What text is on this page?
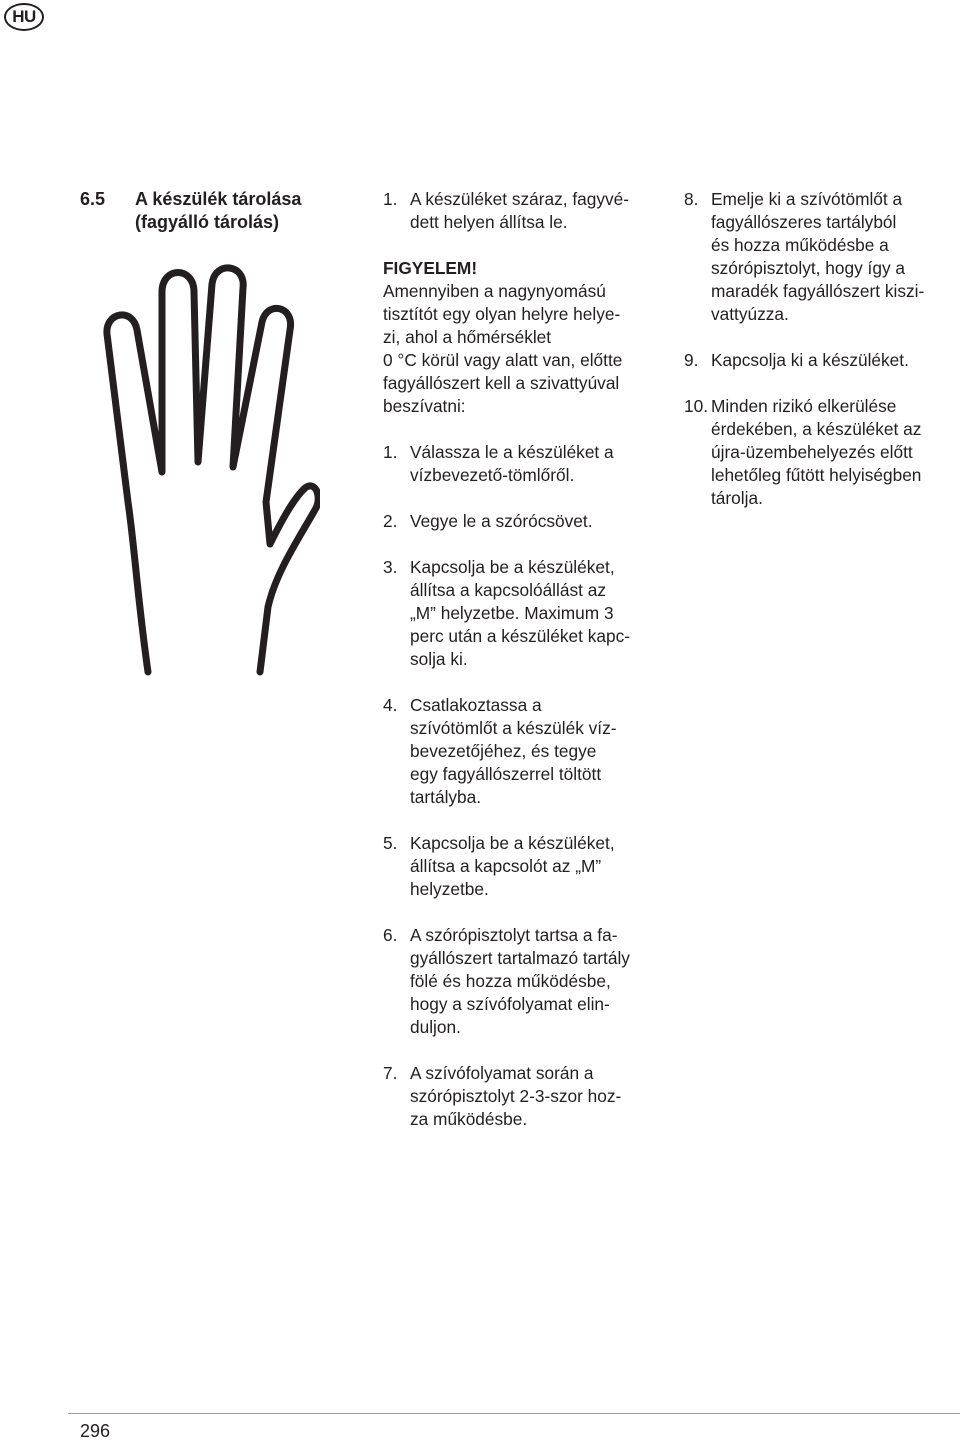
HU
6.5 A készülék tárolása (fagyálló tárolás)
1. A készüléket száraz, fagyvé-
dett helyen állítsa le.
FIGYELEM!
Amennyiben a nagynyomású
tisztítót egy olyan helyre helye-
zi, ahol a hőmérséklet
0 °C körül vagy alatt van, előtte
fagyállószert kell a szivattyúval
beszívatni:
1. Válassza le a készüléket a
vízbevezető-tömlőről.
2. Vegye le a szórócsövet.
3. Kapcsolja be a készüléket,
állítsa a kapcsolóállást az
„M” helyzetbe. Maximum 3
perc után a készüléket kapc-
solja ki.
4. Csatlakoztassa a
szívótömlőt a készülék víz-
bevezetőjéhez, és tegye
egy fagyállószerrel töltött
tartályba.
5. Kapcsolja be a készüléket,
állítsa a kapcsolót az „M”
helyzetbe.
6. A szórópisztolyt tartsa a fa-
gyállószert tartalmazó tartály
fölé és hozza működésbe,
hogy a szívófolyamat elin-
duljon.
7. A szívófolyamat során a
szórópisztolyt 2-3-szor hoz-
za működésbe.
8. Emelje ki a szívótömlőt a
fagyállószeres tartályból
és hozza működésbe a
szórópisztolyt, hogy így a
maradék fagyállószert kiszi-
vattyúzza.
9. Kapcsolja ki a készüléket.
10. Minden rizikó elkerülése
érdekében, a készüléket az
újra-üzembehelyezés előtt
lehetőleg fűtött helyiségben
tárolja.
296
